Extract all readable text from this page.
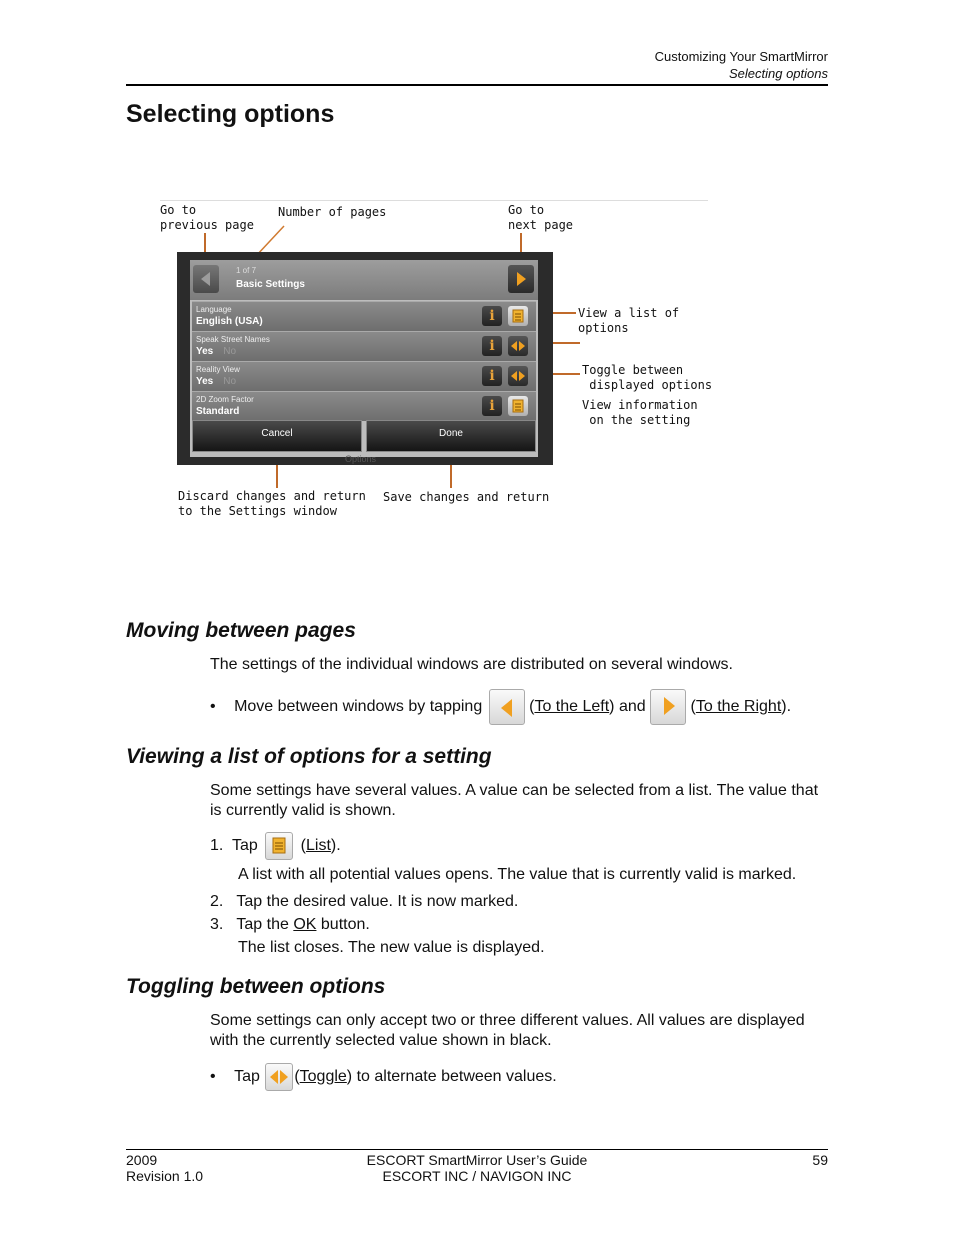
Customizing Your SmartMirror
Selecting options
Selecting options
Go to
previous page
Number of pages	Go to
next page
View a list of options

Toggle between
displayed options

View information
on the setting

Discard changes and return
to the Settings window
Save changes and return
1 of 7
Basic Settings
Language
English (USA)	i
Speak Street Names
Yes No	i
Reality View
Yes No	i
2D Zoom Factor
Standard	i
Cancel	Done
Options
Moving between pages
The settings of the individual windows are distributed on several windows.
• Move between windows by tapping	(To the Left) and	(To the Right).
Viewing a list of options for a setting
Some settings have several values. A value can be selected from a list. The value that is currently valid is shown.
1.  Tap  (List).
A list with all potential values opens. The value that is currently valid is marked.
2.   Tap the desired value. It is now marked.
3.   Tap the OK button.
The list closes. The new value is displayed.
Toggling between options
Some settings can only accept two or three different values. All values are displayed with the currently selected value shown in black.
• Tap (Toggle) to alternate between values.
2009
Revision 1.0
ESCORT SmartMirror User’s Guide
ESCORT INC / NAVIGON INC
59
